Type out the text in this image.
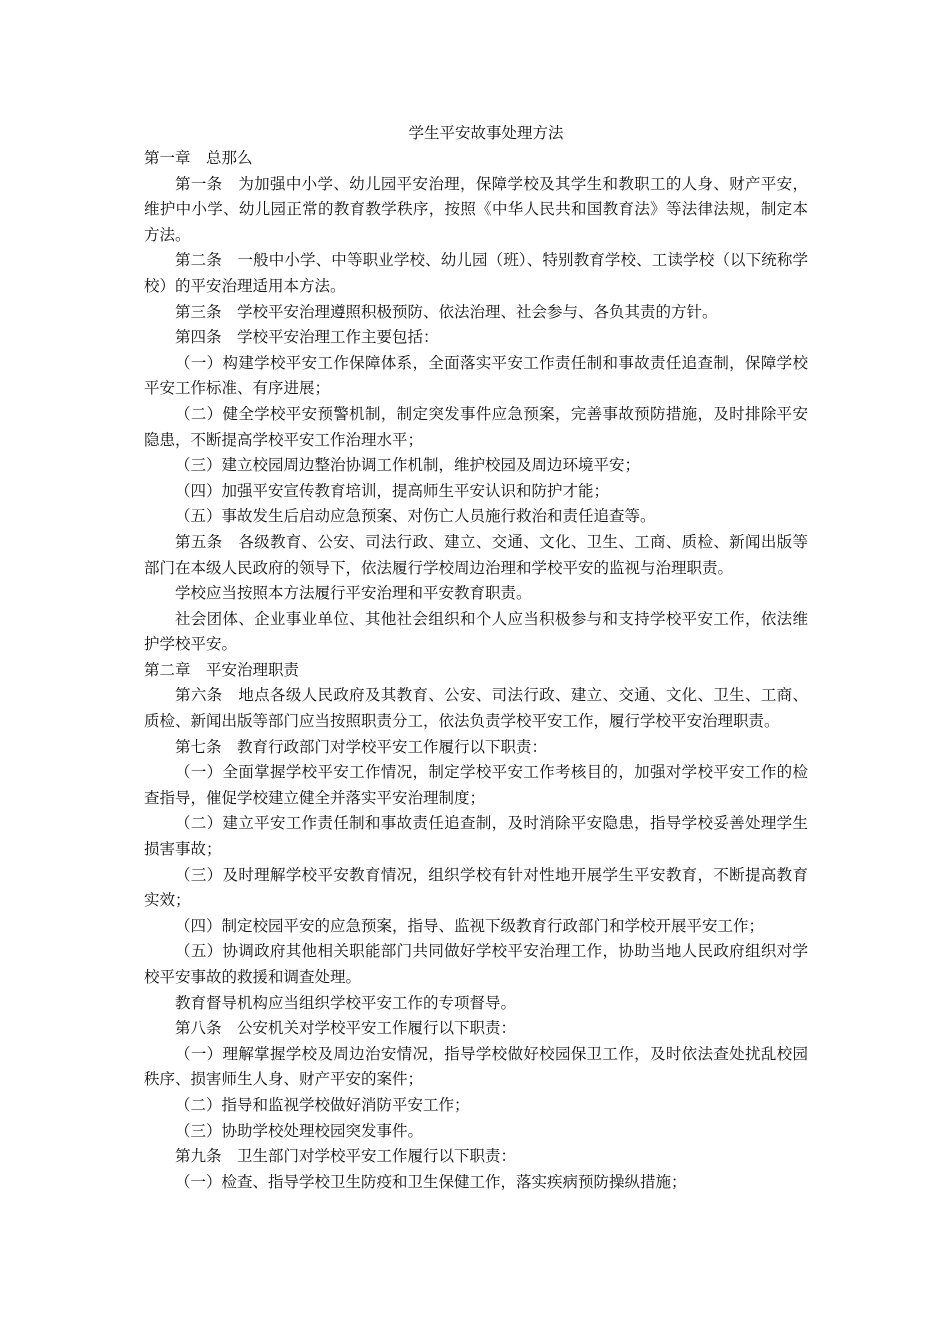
学生平安故事处理方法

第一章　总那么

第一条　为加强中小学、幼儿园平安治理，保障学校及其学生和教职工的人身、财产平安，维护中小学、幼儿园正常的教育教学秩序，按照《中华人民共和国教育法》等法律法规，制定本方法。

第二条　一般中小学、中等职业学校、幼儿园（班）、特别教育学校、工读学校（以下统称学校）的平安治理适用本方法。

第三条　学校平安治理遵照积极预防、依法治理、社会参与、各负其责的方针。

第四条　学校平安治理工作主要包括：

（一）构建学校平安工作保障体系，全面落实平安工作责任制和事故责任追查制，保障学校平安工作标准、有序进展；

（二）健全学校平安预警机制，制定突发事件应急预案，完善事故预防措施，及时排除平安隐患，不断提高学校平安工作治理水平；

（三）建立校园周边整治协调工作机制，维护校园及周边环境平安；

（四）加强平安宣传教育培训，提高师生平安认识和防护才能；

（五）事故发生后启动应急预案、对伤亡人员施行救治和责任追查等。

第五条　各级教育、公安、司法行政、建立、交通、文化、卫生、工商、质检、新闻出版等部门在本级人民政府的领导下，依法履行学校周边治理和学校平安的监视与治理职责。

学校应当按照本方法履行平安治理和平安教育职责。

社会团体、企业事业单位、其他社会组织和个人应当积极参与和支持学校平安工作，依法维护学校平安。

第二章　平安治理职责

第六条　地点各级人民政府及其教育、公安、司法行政、建立、交通、文化、卫生、工商、质检、新闻出版等部门应当按照职责分工，依法负责学校平安工作，履行学校平安治理职责。

第七条　教育行政部门对学校平安工作履行以下职责：

（一）全面掌握学校平安工作情况，制定学校平安工作考核目的，加强对学校平安工作的检查指导，催促学校建立健全并落实平安治理制度；

（二）建立平安工作责任制和事故责任追查制，及时消除平安隐患，指导学校妥善处理学生损害事故；

（三）及时理解学校平安教育情况，组织学校有针对性地开展学生平安教育，不断提高教育实效；

（四）制定校园平安的应急预案，指导、监视下级教育行政部门和学校开展平安工作；

（五）协调政府其他相关职能部门共同做好学校平安治理工作，协助当地人民政府组织对学校平安事故的救援和调查处理。

教育督导机构应当组织学校平安工作的专项督导。

第八条　公安机关对学校平安工作履行以下职责：

（一）理解掌握学校及周边治安情况，指导学校做好校园保卫工作，及时依法查处扰乱校园秩序、损害师生人身、财产平安的案件；

（二）指导和监视学校做好消防平安工作；

（三）协助学校处理校园突发事件。

第九条　卫生部门对学校平安工作履行以下职责：

（一）检查、指导学校卫生防疫和卫生保健工作，落实疾病预防操纵措施；
